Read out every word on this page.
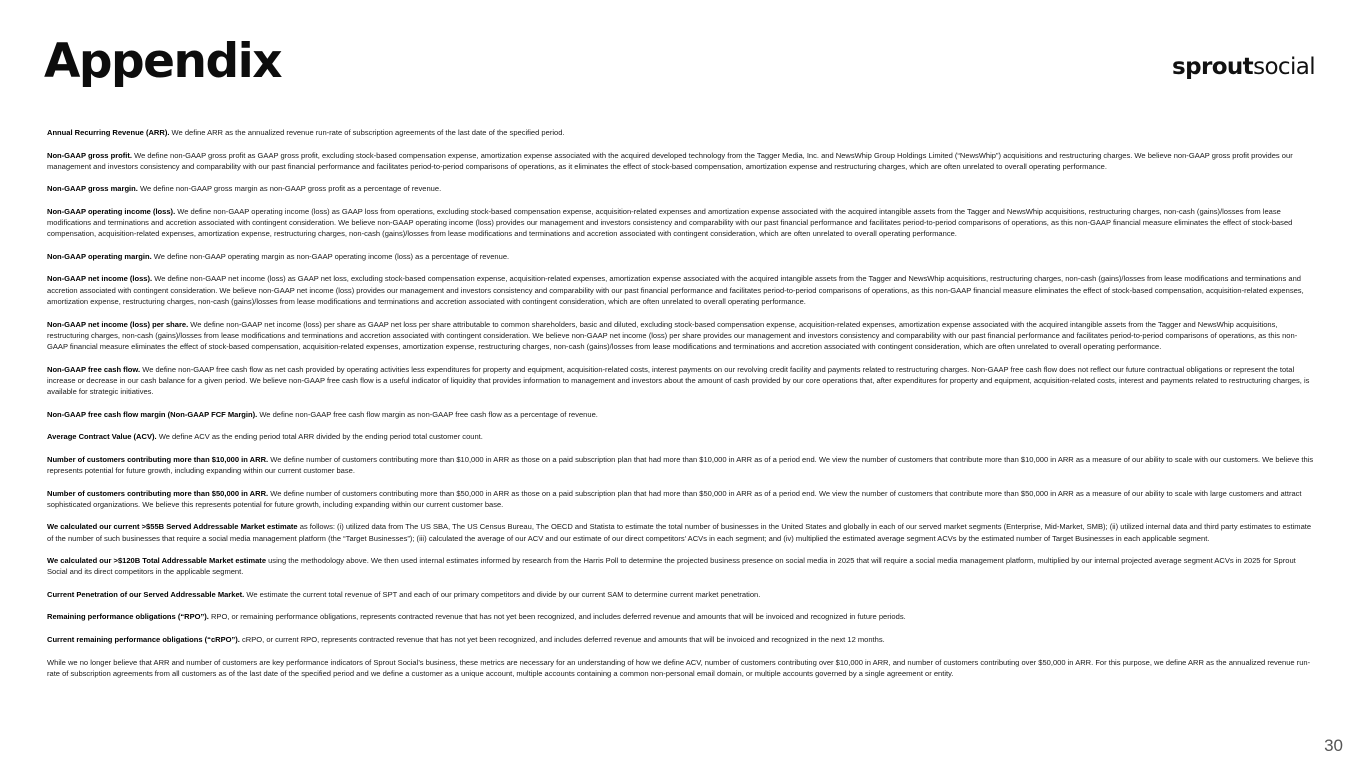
Appendix	sproutsocial

Annual Recurring Revenue (ARR). We define ARR as the annualized revenue run-rate of subscription agreements of the last date of the specified period.

Non-GAAP gross profit. We define non-GAAP gross profit as GAAP gross profit, excluding stock-based compensation expense, amortization expense associated with the acquired developed technology from the Tagger Media, Inc. and NewsWhip Group Holdings Limited (“NewsWhip”) acquisitions and restructuring charges. We believe non-GAAP gross profit provides our management and investors consistency and comparability with our past financial performance and facilitates period-to-period comparisons of operations, as it eliminates the effect of stock-based compensation, amortization expense and restructuring charges, which are often unrelated to overall operating performance.

Non-GAAP gross margin. We define non-GAAP gross margin as non-GAAP gross profit as a percentage of revenue.

Non-GAAP operating income (loss). We define non-GAAP operating income (loss) as GAAP loss from operations, excluding stock-based compensation expense, acquisition-related expenses and amortization expense associated with the acquired intangible assets from the Tagger and NewsWhip acquisitions, restructuring charges, non-cash (gains)/losses from lease modifications and terminations and accretion associated with contingent consideration. We believe non-GAAP operating income (loss) provides our management and investors consistency and comparability with our past financial performance and facilitates period-to-period comparisons of operations, as this non-GAAP financial measure eliminates the effect of stock-based compensation, acquisition-related expenses, amortization expense, restructuring charges, non-cash (gains)/losses from lease modifications and terminations and accretion associated with contingent consideration, which are often unrelated to overall operating performance.

Non-GAAP operating margin. We define non-GAAP operating margin as non-GAAP operating income (loss) as a percentage of revenue.

Non-GAAP net income (loss). We define non-GAAP net income (loss) as GAAP net loss, excluding stock-based compensation expense, acquisition-related expenses, amortization expense associated with the acquired intangible assets from the Tagger and NewsWhip acquisitions, restructuring charges, non-cash (gains)/losses from lease modifications and terminations and accretion associated with contingent consideration. We believe non-GAAP net income (loss) provides our management and investors consistency and comparability with our past financial performance and facilitates period-to-period comparisons of operations, as this non-GAAP financial measure eliminates the effect of stock-based compensation, acquisition-related expenses, amortization expense, restructuring charges, non-cash (gains)/losses from lease modifications and terminations and accretion associated with contingent consideration, which are often unrelated to overall operating performance.

Non-GAAP net income (loss) per share. We define non-GAAP net income (loss) per share as GAAP net loss per share attributable to common shareholders, basic and diluted, excluding stock-based compensation expense, acquisition-related expenses, amortization expense associated with the acquired intangible assets from the Tagger and NewsWhip acquisitions, restructuring charges, non-cash (gains)/losses from lease modifications and terminations and accretion associated with contingent consideration. We believe non-GAAP net income (loss) per share provides our management and investors consistency and comparability with our past financial performance and facilitates period-to-period comparisons of operations, as this non-GAAP financial measure eliminates the effect of stock-based compensation, acquisition-related expenses, amortization expense, restructuring charges, non-cash (gains)/losses from lease modifications and terminations and accretion associated with contingent consideration, which are often unrelated to overall operating performance.

Non-GAAP free cash flow. We define non-GAAP free cash flow as net cash provided by operating activities less expenditures for property and equipment, acquisition-related costs, interest payments on our revolving credit facility and payments related to restructuring charges. Non-GAAP free cash flow does not reflect our future contractual obligations or represent the total increase or decrease in our cash balance for a given period. We believe non-GAAP free cash flow is a useful indicator of liquidity that provides information to management and investors about the amount of cash provided by our core operations that, after expenditures for property and equipment, acquisition-related costs, interest and payments related to restructuring charges, is available for strategic initiatives.

Non-GAAP free cash flow margin (Non-GAAP FCF Margin). We define non-GAAP free cash flow margin as non-GAAP free cash flow as a percentage of revenue.

Average Contract Value (ACV). We define ACV as the ending period total ARR divided by the ending period total customer count.

Number of customers contributing more than $10,000 in ARR. We define number of customers contributing more than $10,000 in ARR as those on a paid subscription plan that had more than $10,000 in ARR as of a period end. We view the number of customers that contribute more than $10,000 in ARR as a measure of our ability to scale with our customers. We believe this represents potential for future growth, including expanding within our current customer base.

Number of customers contributing more than $50,000 in ARR. We define number of customers contributing more than $50,000 in ARR as those on a paid subscription plan that had more than $50,000 in ARR as of a period end. We view the number of customers that contribute more than $50,000 in ARR as a measure of our ability to scale with large customers and attract sophisticated organizations. We believe this represents potential for future growth, including expanding within our current customer base.

We calculated our current >$55B Served Addressable Market estimate as follows: (i) utilized data from The US SBA, The US Census Bureau, The OECD and Statista to estimate the total number of businesses in the United States and globally in each of our served market segments (Enterprise, Mid-Market, SMB); (ii) utilized internal data and third party estimates to estimate of the number of such businesses that require a social media management platform (the “Target Businesses”); (iii) calculated the average of our ACV and our estimate of our direct competitors’ ACVs in each segment; and (iv) multiplied the estimated average segment ACVs by the estimated number of Target Businesses in each applicable segment.

We calculated our >$120B Total Addressable Market estimate using the methodology above. We then used internal estimates informed by research from the Harris Poll to determine the projected business presence on social media in 2025 that will require a social media management platform, multiplied by our internal projected average segment ACVs in 2025 for Sprout Social and its direct competitors in the applicable segment.

Current Penetration of our Served Addressable Market. We estimate the current total revenue of SPT and each of our primary competitors and divide by our current SAM to determine current market penetration.

Remaining performance obligations (“RPO”). RPO, or remaining performance obligations, represents contracted revenue that has not yet been recognized, and includes deferred revenue and amounts that will be invoiced and recognized in future periods.

Current remaining performance obligations (“cRPO”). cRPO, or current RPO, represents contracted revenue that has not yet been recognized, and includes deferred revenue and amounts that will be invoiced and recognized in the next 12 months.

While we no longer believe that ARR and number of customers are key performance indicators of Sprout Social’s business, these metrics are necessary for an understanding of how we define ACV, number of customers contributing over $10,000 in ARR, and number of customers contributing over $50,000 in ARR. For this purpose, we define ARR as the annualized revenue run-rate of subscription agreements from all customers as of the last date of the specified period and we define a customer as a unique account, multiple accounts containing a common non-personal email domain, or multiple accounts governed by a single agreement or entity.

30
